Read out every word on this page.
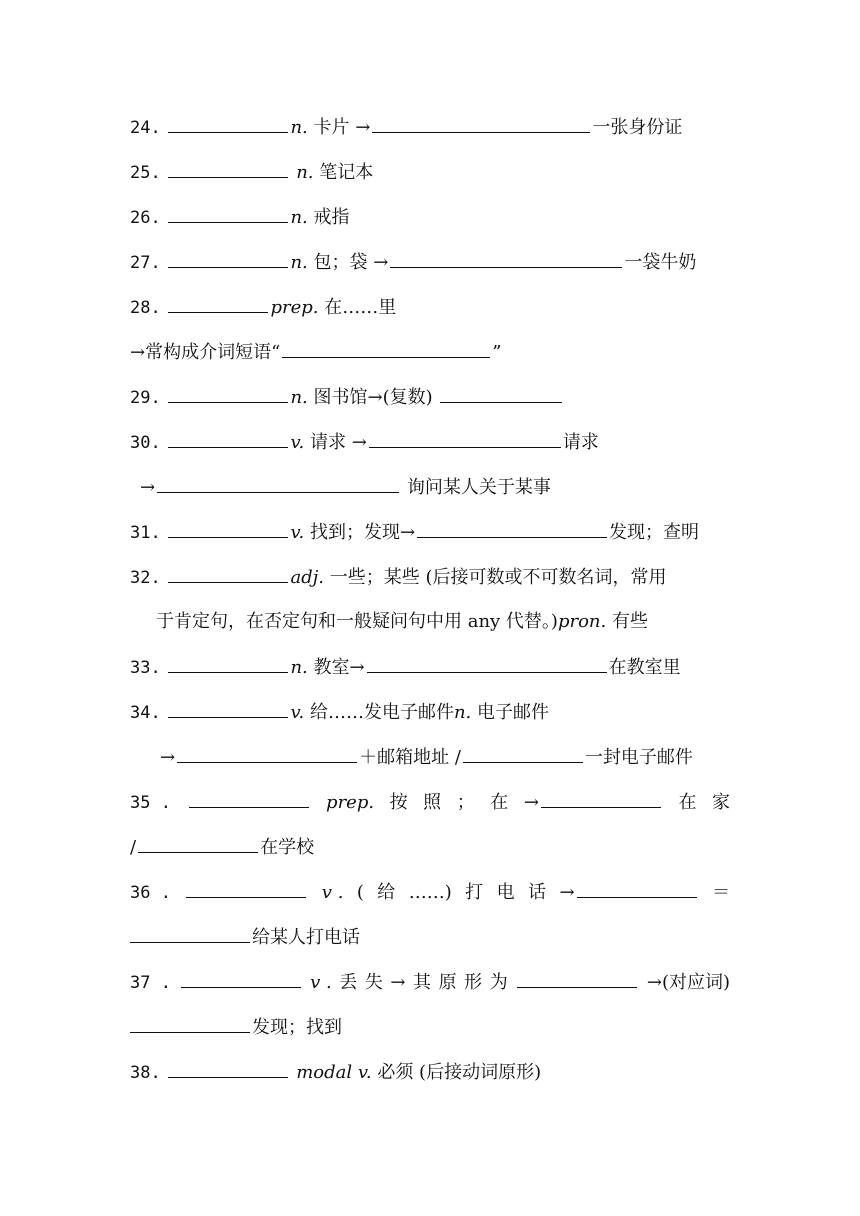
24.	n. 卡片 →	一张身份证
25.	n. 笔记本
26.	n. 戒指
27.	n. 包；袋 →	一袋牛奶
28.	prep. 在……里
→常构成介词短语“	”
29.	n. 图书馆→(复数)
30.	v. 请求 →	请求
→	询问某人关于某事
31.	v. 找到；发现→	发现；查明
32.	adj. 一些；某些 (后接可数或不可数名词，常用
于肯定句，在否定句和一般疑问句中用 any 代替。)pron. 有些
33.	n. 教室→	在教室里
34.	v. 给……发电子邮件n. 电子邮件
→	＋邮箱地址 /	一封电子邮件
35 .	prep. 按 照 ； 在 →	在 家
/	在学校
36 .	v . ( 给 ……) 打 电 话 →	＝
给某人打电话
37 .	v . 丢 失 → 其 原 形 为	→(对应词)
发现；找到
38.	modal v. 必须 (后接动词原形)
